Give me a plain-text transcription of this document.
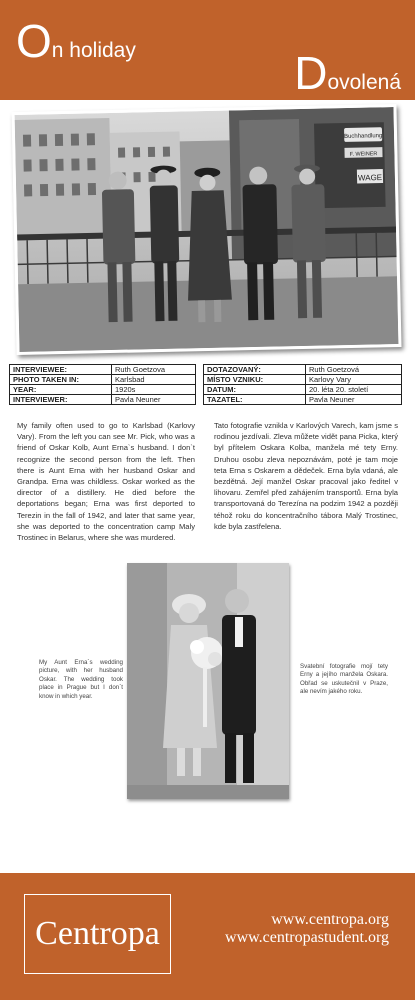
On holiday	Dovolená
Buchhandlung
F. WEINER
WAGE
INTERVIEWEE:	Ruth Goetzova
PHOTO TAKEN IN:	Karlsbad
YEAR:	1920s
INTERVIEWER:	Pavla Neuner
DOTAZOVANÝ:	Ruth Goetzová
MÍSTO VZNIKU:	Karlovy Vary
DATUM:	20. léta 20. století
TAZATEL:	Pavla Neuner
My family often used to go to Karlsbad (Karlovy Vary). From the left you can see Mr. Pick, who was a friend of Oskar Kolb, Aunt Erna`s husband. I don`t recognize the second person from the left. Then there is Aunt Erna with her husband Oskar and Grandpa. Erna was childless. Oskar worked as the director of a distillery. He died before the deportations began; Erna was first deported to Terezin in the fall of 1942, and later that same year, she was deported to the concentration camp Maly Trostinec in Belarus, where she was murdered.
Tato fotografie vznikla v Karlových Varech, kam jsme s rodinou jezdívali. Zleva můžete vidět pana Picka, který byl přítelem Oskara Kolba, manžela mé tety Erny. Druhou osobu zleva nepoznávám, poté je tam moje teta Erna s Oskarem a dědeček. Erna byla vdaná, ale bezdětná. Její manžel Oskar pracoval jako ředitel v lihovaru. Zemřel před zahájením transportů. Erna byla transportovaná do Terezína na podzim 1942 a později téhož roku do koncentračního tábora Malý Trostinec, kde byla zastřelena.
My Aunt Erna`s wedding picture, with her husband Oskar. The wedding took place in Prague but I don`t know in which year.
Svatební fotografie mojí tety Erny a jejího manžela Oskara. Obřad se uskutečnil v Praze, ale nevím jakého roku.
Centropa	www.centropa.org
www.centropastudent.org
